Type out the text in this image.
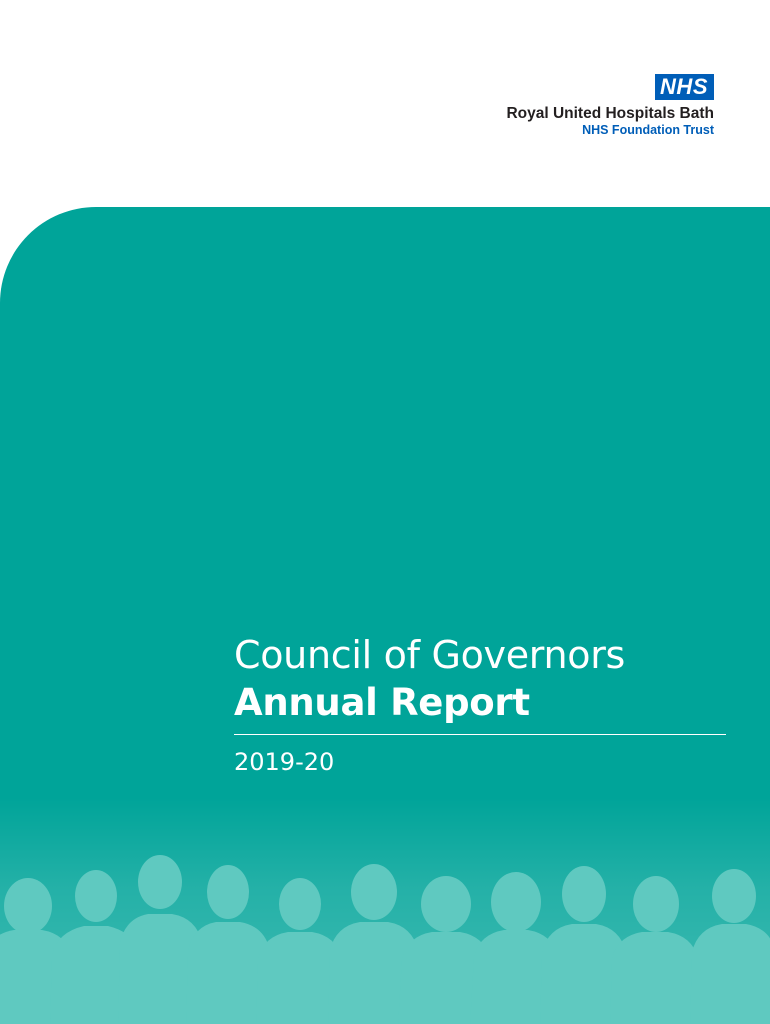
NHS
Royal United Hospitals Bath
NHS Foundation Trust
Council of Governors
Annual Report
2019-20
